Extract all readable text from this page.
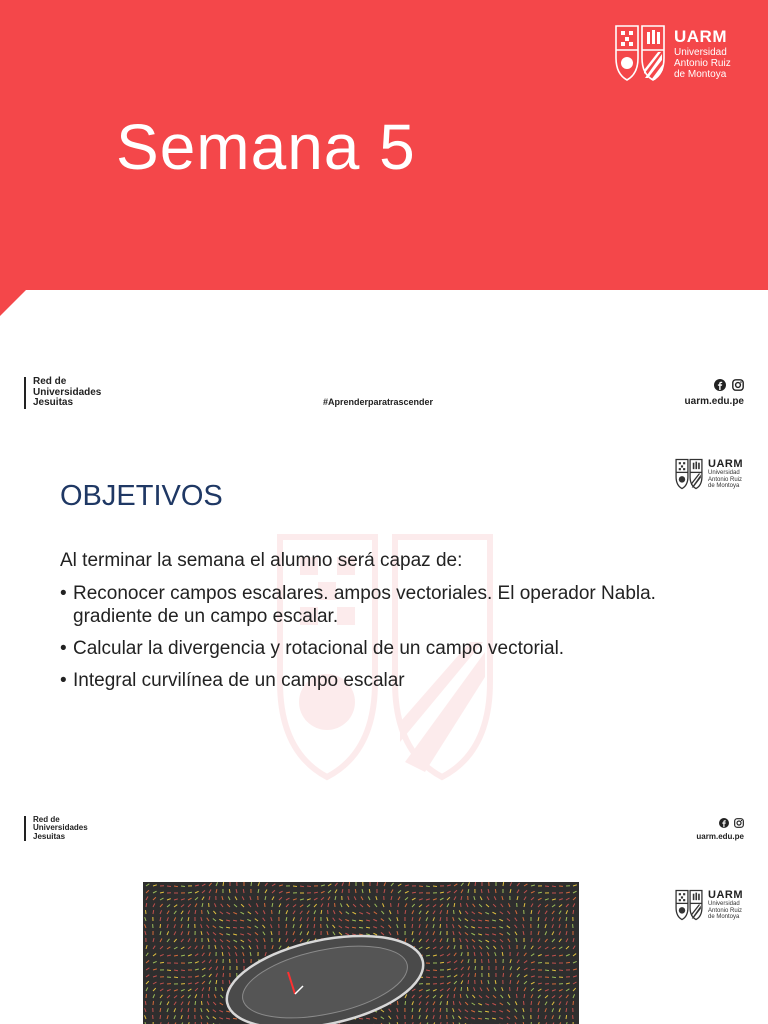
Semana 5
UARM
Universidad
Antonio Ruiz
de Montoya
Red de
Universidades
Jesuitas	#Aprenderparatrascender	uarm.edu.pe
UARM
Universidad
Antonio Ruiz
de Montoya
OBJETIVOS

Al terminar la semana el alumno será capaz de:

• Reconocer campos escalares. ampos vectoriales. El operador Nabla. gradiente de un campo escalar.
• Calcular la divergencia y rotacional de un campo vectorial.
• Integral curvilínea de un campo escalar
Red de
Universidades
Jesuitas	uarm.edu.pe
UARM
Universidad
Antonio Ruiz
de Montoya
